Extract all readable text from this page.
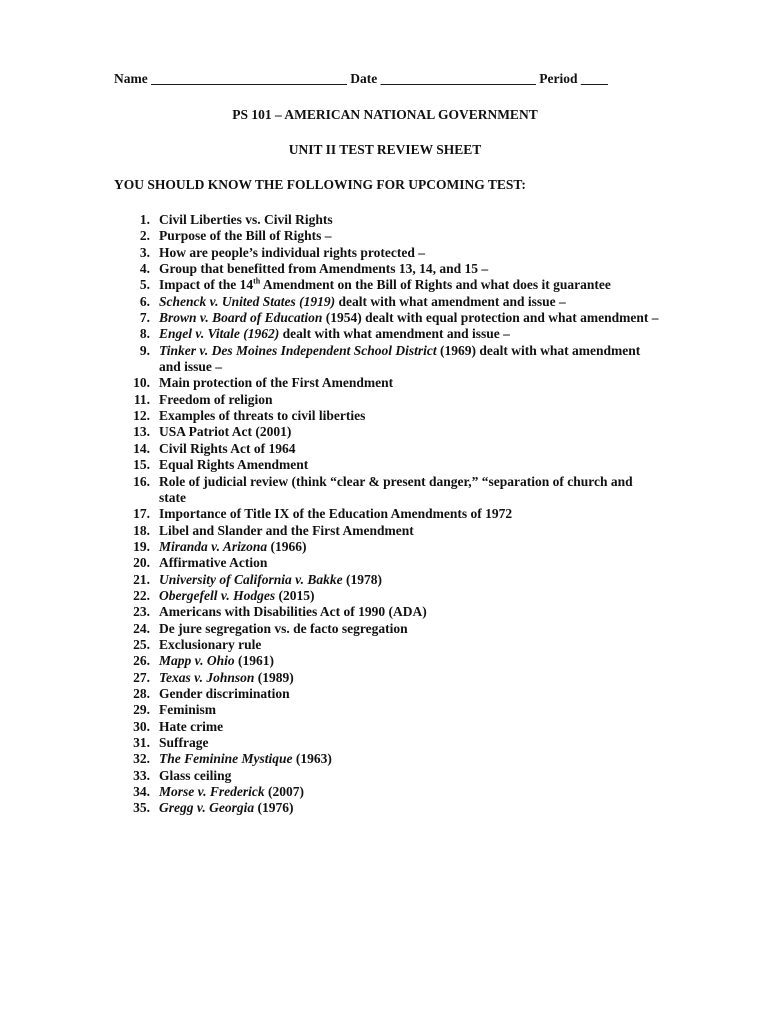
Name _____________________________ Date _______________________ Period ____
PS 101 – AMERICAN NATIONAL GOVERNMENT
UNIT II TEST REVIEW SHEET
YOU SHOULD KNOW THE FOLLOWING FOR UPCOMING TEST:
1. Civil Liberties vs. Civil Rights
2. Purpose of the Bill of Rights –
3. How are people’s individual rights protected –
4. Group that benefitted from Amendments 13, 14, and 15 –
5. Impact of the 14th Amendment on the Bill of Rights and what does it guarantee
6. Schenck v. United States (1919) dealt with what amendment and issue –
7. Brown v. Board of Education (1954) dealt with equal protection and what amendment –
8. Engel v. Vitale (1962) dealt with what amendment and issue –
9. Tinker v. Des Moines Independent School District (1969) dealt with what amendment and issue –
10. Main protection of the First Amendment
11. Freedom of religion
12. Examples of threats to civil liberties
13. USA Patriot Act (2001)
14. Civil Rights Act of 1964
15. Equal Rights Amendment
16. Role of judicial review (think “clear & present danger,” “separation of church and state
17. Importance of Title IX of the Education Amendments of 1972
18. Libel and Slander and the First Amendment
19. Miranda v. Arizona (1966)
20. Affirmative Action
21. University of California v. Bakke (1978)
22. Obergefell v. Hodges (2015)
23. Americans with Disabilities Act of 1990 (ADA)
24. De jure segregation vs. de facto segregation
25. Exclusionary rule
26. Mapp v. Ohio (1961)
27. Texas v. Johnson (1989)
28. Gender discrimination
29. Feminism
30. Hate crime
31. Suffrage
32. The Feminine Mystique (1963)
33. Glass ceiling
34. Morse v. Frederick (2007)
35. Gregg v. Georgia (1976)
